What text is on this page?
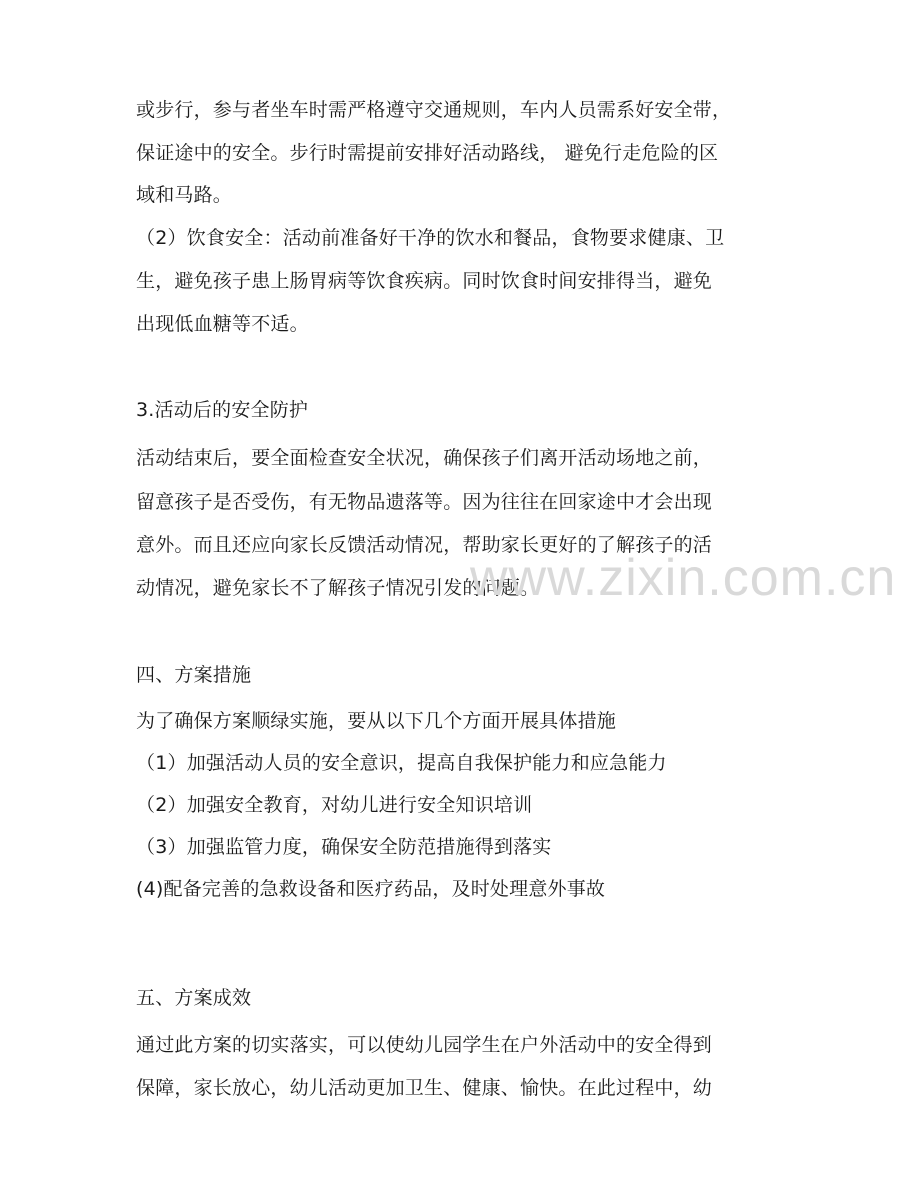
或步行，参与者坐车时需严格遵守交通规则，车内人员需系好安全带，
保证途中的安全。步行时需提前安排好活动路线， 避免行走危险的区
域和马路。
（2）饮食安全：活动前准备好干净的饮水和餐品，食物要求健康、卫
生，避免孩子患上肠胃病等饮食疾病。同时饮食时间安排得当，避免
出现低血糖等不适。
3.活动后的安全防护
活动结束后，要全面检查安全状况，确保孩子们离开活动场地之前，
留意孩子是否受伤，有无物品遗落等。因为往往在回家途中才会出现
意外。而且还应向家长反馈活动情况，帮助家长更好的了解孩子的活
动情况，避免家长不了解孩子情况引发的问题。
四、方案措施
为了确保方案顺绿实施，要从以下几个方面开展具体措施
（1）加强活动人员的安全意识，提高自我保护能力和应急能力
（2）加强安全教育，对幼儿进行安全知识培训
（3）加强监管力度，确保安全防范措施得到落实
(4)配备完善的急救设备和医疗药品，及时处理意外事故
五、方案成效
通过此方案的切实落实，可以使幼儿园学生在户外活动中的安全得到
保障，家长放心，幼儿活动更加卫生、健康、愉快。在此过程中，幼
www.zixin.com.cn
